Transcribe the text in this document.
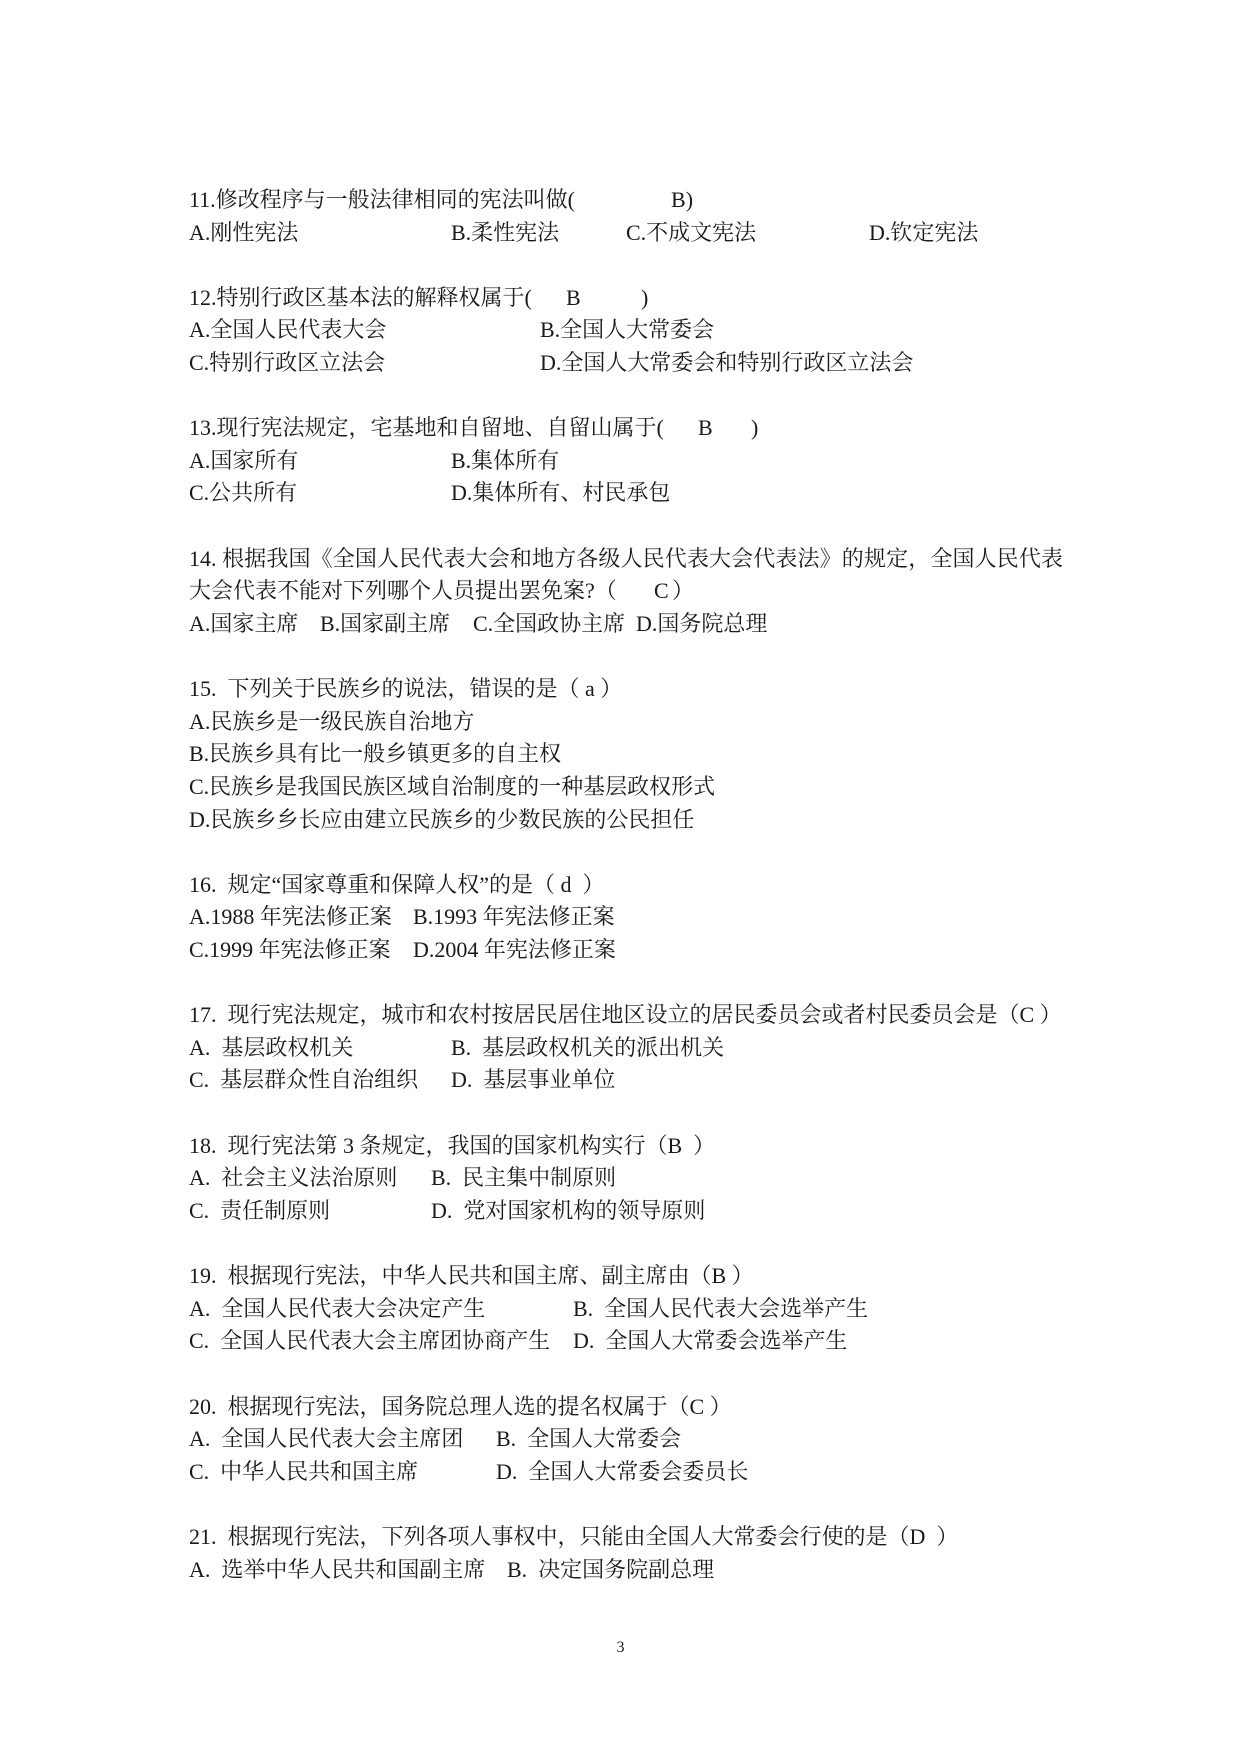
11.修改程序与一般法律相同的宪法叫做(	B)

A.刚性宪法

	B.柔性宪法

	C.不成文宪法

	D.钦定宪法

12.特别行政区基本法的解释权属于( B	)

A.全国人民代表大会

	B.全国人大常委会

C.特别行政区立法会

	D.全国人大常委会和特别行政区立法会

13.现行宪法规定，宅基地和自留地、自留山属于( B )

A.国家所有

	B.集体所有

C.公共所有

	D.集体所有、村民承包

14. 根据我国《全国人民代表大会和地方各级人民代表大会代表法》的规定，全国人民代表
大会代表不能对下列哪个人员提出罢免案?（ C ）

A.国家主席

B.国家副主席

C.全国政协主席

D.国务院总理

15.  下列关于民族乡的说法，错误的是（ a ）
A.民族乡是一级民族自治地方
B.民族乡具有比一般乡镇更多的自主权
C.民族乡是我国民族区域自治制度的一种基层政权形式
D.民族乡乡长应由建立民族乡的少数民族的公民担任
16.  规定“国家尊重和保障人权”的是（ d  ）

A.1988 年宪法修正案

B.1993 年宪法修正案

C.1999 年宪法修正案

D.2004 年宪法修正案

17.  现行宪法规定，城市和农村按居民居住地区设立的居民委员会或者村民委员会是（C ）

A.  基层政权机关

	B.  基层政权机关的派出机关

C.  基层群众性自治组织

D.  基层事业单位

18.  现行宪法第 3 条规定，我国的国家机构实行（B  ）

A.  社会主义法治原则

B.  民主集中制原则

C.  责任制原则

	D.  党对国家机构的领导原则

19.  根据现行宪法，中华人民共和国主席、副主席由（B ）

A.  全国人民代表大会决定产生

	B.  全国人民代表大会选举产生

C.  全国人民代表大会主席团协商产生

D.  全国人大常委会选举产生

20.  根据现行宪法，国务院总理人选的提名权属于（C ）

A.  全国人民代表大会主席团

B.  全国人大常委会

C.  中华人民共和国主席

	D.  全国人大常委会委员长

21.  根据现行宪法，下列各项人事权中，只能由全国人大常委会行使的是（D  ）

A.  选举中华人民共和国副主席

B.  决定国务院副总理

3
